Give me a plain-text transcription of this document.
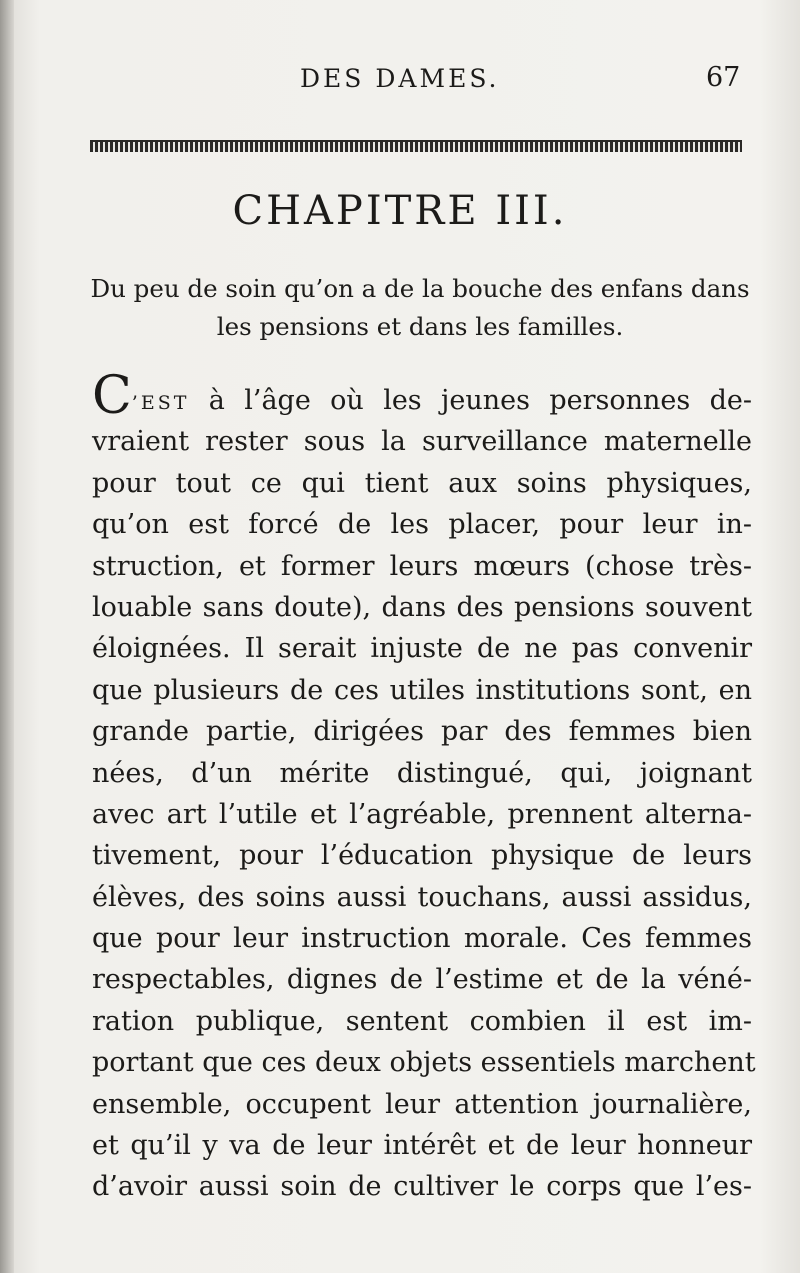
DES DAMES.	67
CHAPITRE III.
Du peu de soin qu’on a de la bouche des enfans dans
les pensions et dans les familles.
C’EST à l’âge où les jeunes personnes de-
vraient rester sous la surveillance maternelle
pour tout ce qui tient aux soins physiques,
qu’on est forcé de les placer, pour leur in-
struction, et former leurs mœurs (chose très-
louable sans doute), dans des pensions souvent
éloignées. Il serait injuste de ne pas convenir
que plusieurs de ces utiles institutions sont, en
grande partie, dirigées par des femmes bien
nées, d’un mérite distingué, qui, joignant
avec art l’utile et l’agréable, prennent alterna-
tivement, pour l’éducation physique de leurs
élèves, des soins aussi touchans, aussi assidus,
que pour leur instruction morale. Ces femmes
respectables, dignes de l’estime et de la véné-
ration publique, sentent combien il est im-
portant que ces deux objets essentiels marchent
ensemble, occupent leur attention journalière,
et qu’il y va de leur intérêt et de leur honneur
d’avoir aussi soin de cultiver le corps que l’es-
